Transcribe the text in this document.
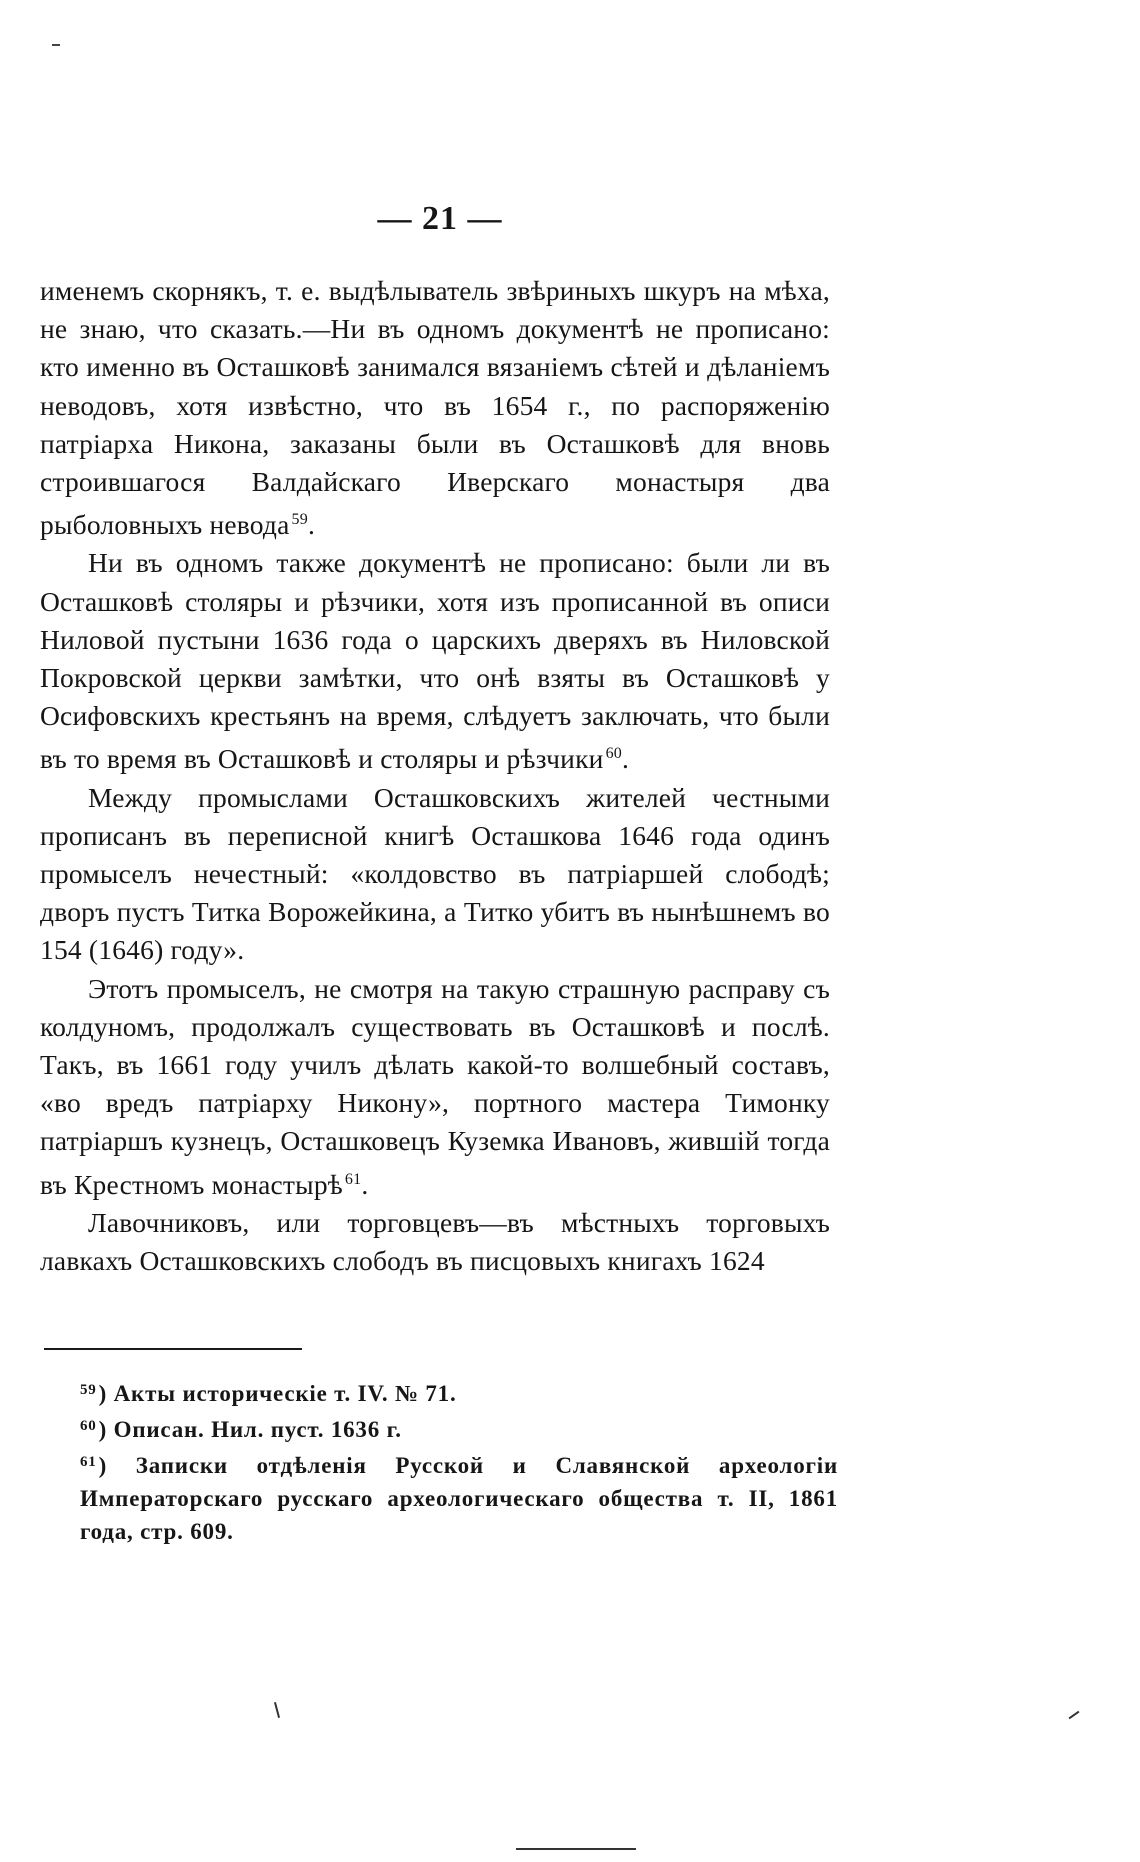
— 21 —

именемъ скорнякъ, т. е. выдѣлыватель звѣриныхъ шкуръ на мѣха, не знаю, что сказать.—Ни въ одномъ документѣ не прописано: кто именно въ Осташковѣ занимался вязаніемъ сѣтей и дѣланіемъ неводовъ, хотя извѣстно, что въ 1654 г., по распоряженію патріарха Никона, заказаны были въ Осташковѣ для вновь строившагося Валдайскаго Иверскаго монастыря два рыболовныхъ невода $^{59}$.

Ни въ одномъ также документѣ не прописано: были ли въ Осташковѣ столяры и рѣзчики, хотя изъ прописанной въ описи Ниловой пустыни 1636 года о царскихъ дверяхъ въ Ниловской Покровской церкви замѣтки, что онѣ взяты въ Осташковѣ у Осифовскихъ крестьянъ на время, слѣдуетъ заключать, что были въ то время въ Осташковѣ и столяры и рѣзчики $^{60}$.

Между промыслами Осташковскихъ жителей честными прописанъ въ переписной книгѣ Осташкова 1646 года одинъ промыселъ нечестный: «колдовство въ патріаршей слободѣ; дворъ пустъ Титка Ворожейкина, а Титко убитъ въ нынѣшнемъ во 154 (1646) году».

Этотъ промыселъ, не смотря на такую страшную расправу съ колдуномъ, продолжалъ существовать въ Осташковѣ и послѣ. Такъ, въ 1661 году училъ дѣлать какой-то волшебный составъ, «во вредъ патріарху Никону», портного мастера Тимонку патріаршъ кузнецъ, Осташковецъ Куземка Ивановъ, жившій тогда въ Крестномъ монастырѣ $^{61}$.

Лавочниковъ, или торговцевъ—въ мѣстныхъ торговыхъ лавкахъ Осташковскихъ слободъ въ писцовыхъ книгахъ 1624

$^{59}$) Акты историческіе т. IV. № 71.

$^{60}$) Описан. Нил. пуст. 1636 г.

$^{61}$) Записки отдѣленія Русской и Славянской археологіи Императорскаго русскаго археологическаго общества т. II, 1861 года, стр. 609.
